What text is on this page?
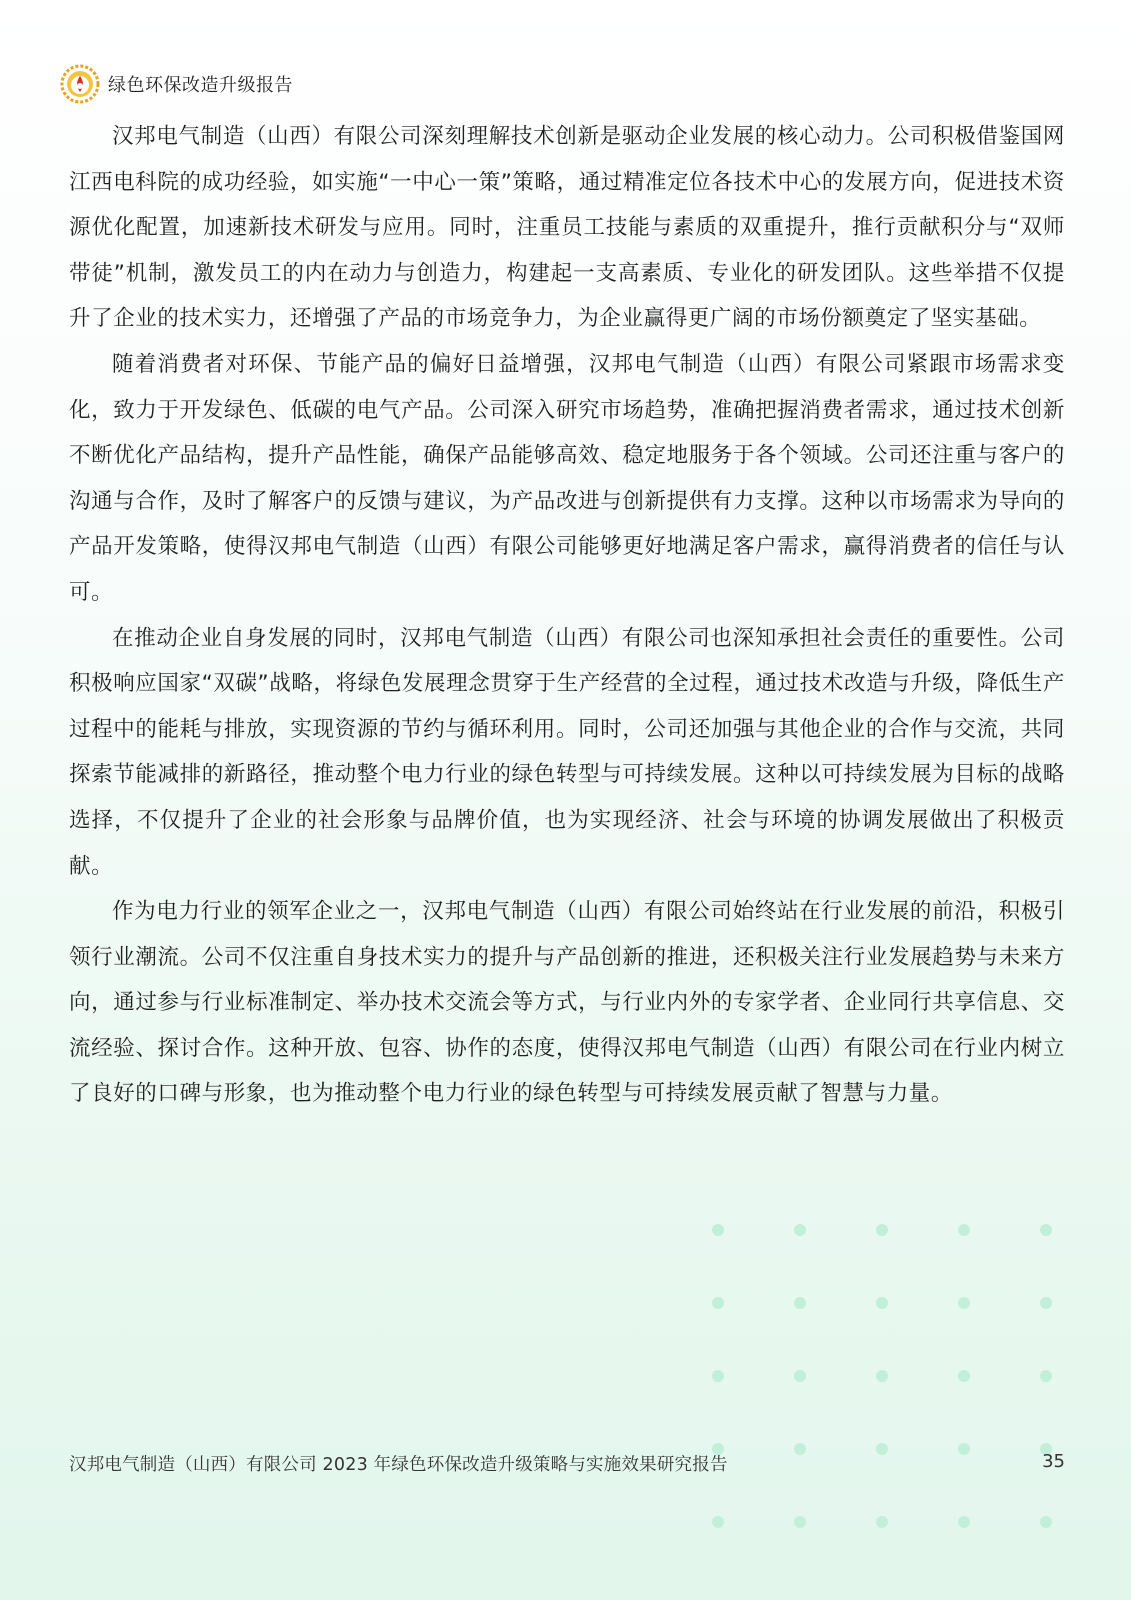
绿色环保改造升级报告

汉邦电气制造（山西）有限公司深刻理解技术创新是驱动企业发展的核心动力。公司积极借鉴国网江西电科院的成功经验，如实施“一中心一策”策略，通过精准定位各技术中心的发展方向，促进技术资源优化配置，加速新技术研发与应用。同时，注重员工技能与素质的双重提升，推行贡献积分与“双师带徒”机制，激发员工的内在动力与创造力，构建起一支高素质、专业化的研发团队。这些举措不仅提升了企业的技术实力，还增强了产品的市场竞争力，为企业赢得更广阔的市场份额奠定了坚实基础。

随着消费者对环保、节能产品的偏好日益增强，汉邦电气制造（山西）有限公司紧跟市场需求变化，致力于开发绿色、低碳的电气产品。公司深入研究市场趋势，准确把握消费者需求，通过技术创新不断优化产品结构，提升产品性能，确保产品能够高效、稳定地服务于各个领域。公司还注重与客户的沟通与合作，及时了解客户的反馈与建议，为产品改进与创新提供有力支撑。这种以市场需求为导向的产品开发策略，使得汉邦电气制造（山西）有限公司能够更好地满足客户需求，赢得消费者的信任与认可。

在推动企业自身发展的同时，汉邦电气制造（山西）有限公司也深知承担社会责任的重要性。公司积极响应国家“双碳”战略，将绿色发展理念贯穿于生产经营的全过程，通过技术改造与升级，降低生产过程中的能耗与排放，实现资源的节约与循环利用。同时，公司还加强与其他企业的合作与交流，共同探索节能减排的新路径，推动整个电力行业的绿色转型与可持续发展。这种以可持续发展为目标的战略选择，不仅提升了企业的社会形象与品牌价值，也为实现经济、社会与环境的协调发展做出了积极贡献。

作为电力行业的领军企业之一，汉邦电气制造（山西）有限公司始终站在行业发展的前沿，积极引领行业潮流。公司不仅注重自身技术实力的提升与产品创新的推进，还积极关注行业发展趋势与未来方向，通过参与行业标准制定、举办技术交流会等方式，与行业内外的专家学者、企业同行共享信息、交流经验、探讨合作。这种开放、包容、协作的态度，使得汉邦电气制造（山西）有限公司在行业内树立了良好的口碑与形象，也为推动整个电力行业的绿色转型与可持续发展贡献了智慧与力量。

汉邦电气制造（山西）有限公司 2023 年绿色环保改造升级策略与实施效果研究报告	35
